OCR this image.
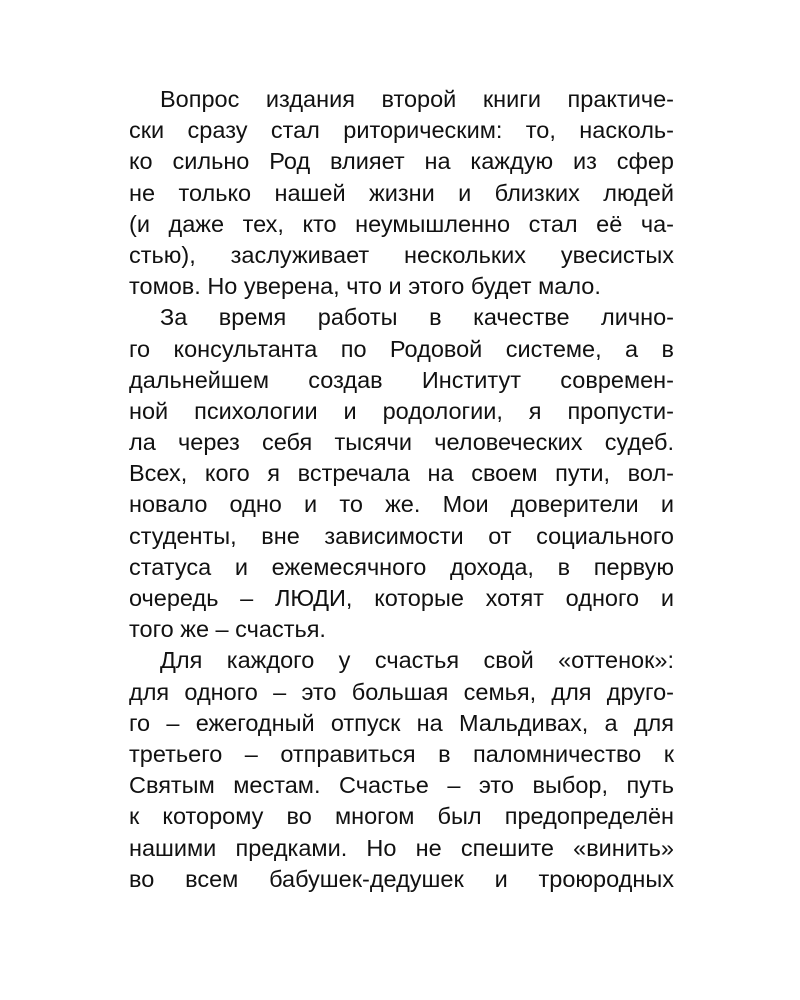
Вопрос издания второй книги практиче-
ски сразу стал риторическим: то, насколь-
ко сильно Род влияет на каждую из сфер
не только нашей жизни и близких людей
(и даже тех, кто неумышленно стал её ча-
стью), заслуживает нескольких увесистых
томов. Но уверена, что и этого будет мало.
За время работы в качестве лично-
го консультанта по Родовой системе, а в
дальнейшем создав Институт современ-
ной психологии и родологии, я пропусти-
ла через себя тысячи человеческих судеб.
Всех, кого я встречала на своем пути, вол-
новало одно и то же. Мои доверители и
студенты, вне зависимости от социального
статуса и ежемесячного дохода, в первую
очередь – ЛЮДИ, которые хотят одного и
того же – счастья.
Для каждого у счастья свой «оттенок»:
для одного – это большая семья, для друго-
го – ежегодный отпуск на Мальдивах, а для
третьего – отправиться в паломничество к
Святым местам. Счастье – это выбор, путь
к которому во многом был предопределён
нашими предками. Но не спешите «винить»
во всем бабушек-дедушек и троюродных
